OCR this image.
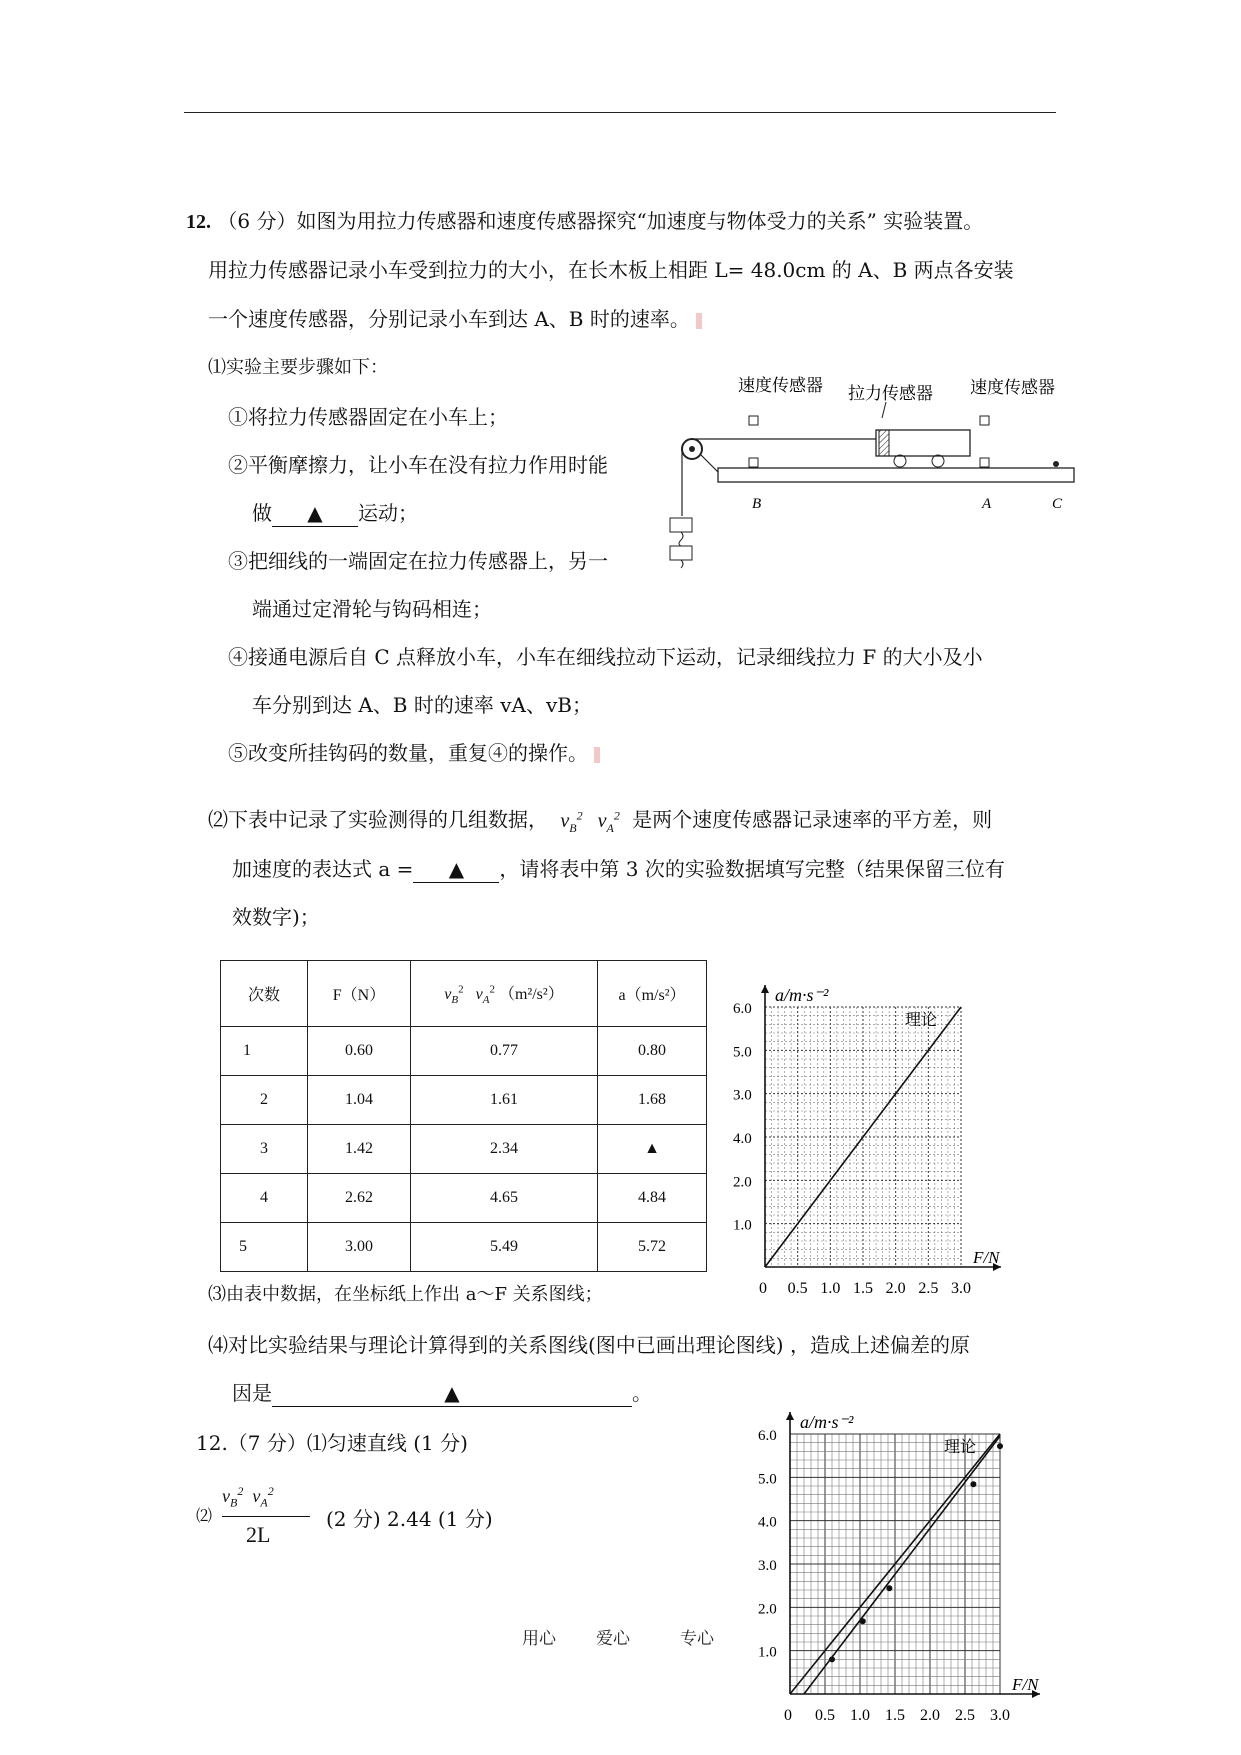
12. （6 分）如图为用拉力传感器和速度传感器探究“加速度与物体受力的关系” 实验装置。
用拉力传感器记录小车受到拉力的大小，在长木板上相距 L= 48.0cm 的 A、B 两点各安装
一个速度传感器，分别记录小车到达 A、B 时的速率。
⑴实验主要步骤如下：
①将拉力传感器固定在小车上；
②平衡摩擦力，让小车在没有拉力作用时能
做 ▲ 运动；
③把细线的一端固定在拉力传感器上，另一
端通过定滑轮与钩码相连；
④接通电源后自 C 点释放小车，小车在细线拉动下运动，记录细线拉力 F 的大小及小
车分别到达 A、B 时的速率 vA、vB；
⑤改变所挂钩码的数量，重复④的操作。
速度传感器 拉力传感器 速度传感器
B	A	C
⑵下表中记录了实验测得的几组数据， $v_B^2$   $v_A^2$ 是两个速度传感器记录速率的平方差，则
加速度的表达式 a = ▲ ，请将表中第 3 次的实验数据填写完整（结果保留三位有
效数字)；
次数	F（N）	$v_B^2$ $v_A^2$ （m²/s²）	a（m/s²）
1	0.60	0.77	0.80
2	1.04	1.61	1.68
3	1.42	2.34	▲
4	2.62	4.65	4.84
5	3.00	5.49	5.72
F/N
a/m·s⁻²
0 0.5 1.0 1.5 2.0 2.5 3.0
1.0
2.0
4.0
3.0
5.0
6.0
理论
⑶由表中数据，在坐标纸上作出 a～F 关系图线；
⑷对比实验结果与理论计算得到的关系图线(图中已画出理论图线) ，造成上述偏差的原
因是	▲	。
12.（7 分）⑴匀速直线 (1 分)
⑵
$v_B^2$  $v_A^2$
2L
(2 分) 2.44 (1 分)
F/N
a/m·s⁻²
0 0.5 1.0 1.5 2.0 2.5 3.0
1.0
2.0
3.0
4.0
5.0
6.0
理论
用心 爱心	专心
